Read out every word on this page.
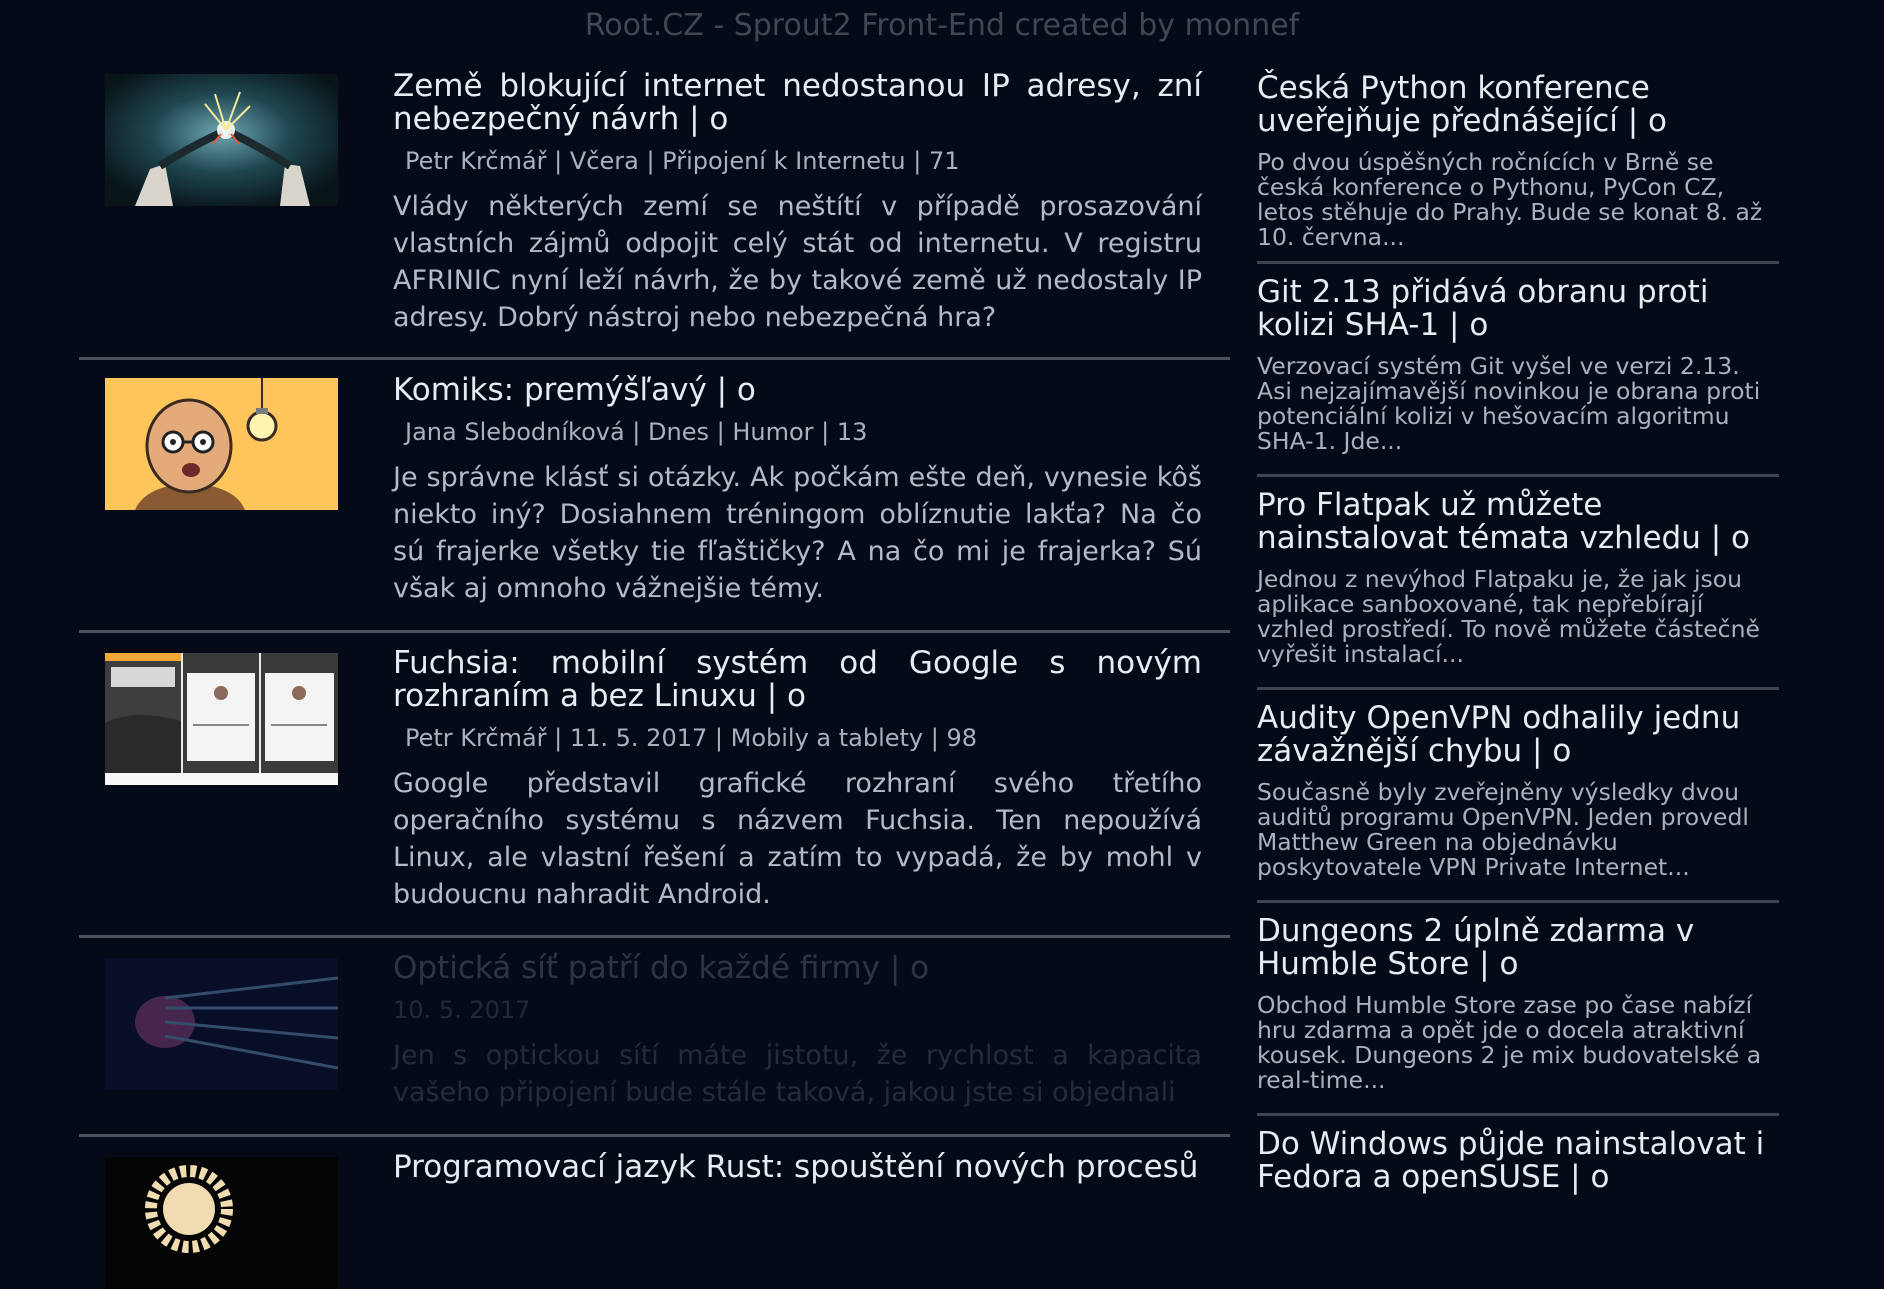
Root.CZ - Sprout2 Front-End created by monnef

Země blokující internet nedostanou IP adresy, zní nebezpečný návrh | o

Petr Krčmář | Včera | Připojení k Internetu | 71

Vlády některých zemí se neštítí v případě prosazování vlastních zájmů odpojit celý stát od internetu. V registru AFRINIC nyní leží návrh, že by takové země už nedostaly IP adresy. Dobrý nástroj nebo nebezpečná hra?

Komiks: premýšľavý | o

Jana Slebodníková | Dnes | Humor | 13

Je správne klásť si otázky. Ak počkám ešte deň, vynesie kôš niekto iný? Dosiahnem tréningom oblíznutie lakťa? Na čo sú frajerke všetky tie fľaštičky? A na čo mi je frajerka? Sú však aj omnoho vážnejšie témy.

Fuchsia: mobilní systém od Google s novým rozhraním a bez Linuxu | o

Petr Krčmář | 11. 5. 2017 | Mobily a tablety | 98

Google představil grafické rozhraní svého třetího operačního systému s názvem Fuchsia. Ten nepoužívá Linux, ale vlastní řešení a zatím to vypadá, že by mohl v budoucnu nahradit Android.

Optická síť patří do každé firmy | o

10. 5. 2017

Jen s optickou sítí máte jistotu, že rychlost a kapacita vašeho připojení bude stále taková, jakou jste si objednali

Programovací jazyk Rust: spouštění nových procesů

Česká Python konference uveřejňuje přednášející | o

Po dvou úspěšných ročnících v Brně se česká konference o Pythonu, PyCon CZ, letos stěhuje do Prahy. Bude se konat 8. až 10. června...

Git 2.13 přidává obranu proti kolizi SHA-1 | o

Verzovací systém Git vyšel ve verzi 2.13. Asi nejzajímavější novinkou je obrana proti potenciální kolizi v hešovacím algoritmu SHA-1. Jde...

Pro Flatpak už můžete nainstalovat témata vzhledu | o

Jednou z nevýhod Flatpaku je, že jak jsou aplikace sanboxované, tak nepřebírají vzhled prostředí. To nově můžete částečně vyřešit instalací...

Audity OpenVPN odhalily jednu závažnější chybu | o

Současně byly zveřejněny výsledky dvou auditů programu OpenVPN. Jeden provedl Matthew Green na objednávku poskytovatele VPN Private Internet...

Dungeons 2 úplně zdarma v Humble Store | o

Obchod Humble Store zase po čase nabízí hru zdarma a opět jde o docela atraktivní kousek. Dungeons 2 je mix budovatelské a real-time...

Do Windows půjde nainstalovat i Fedora a openSUSE | o
